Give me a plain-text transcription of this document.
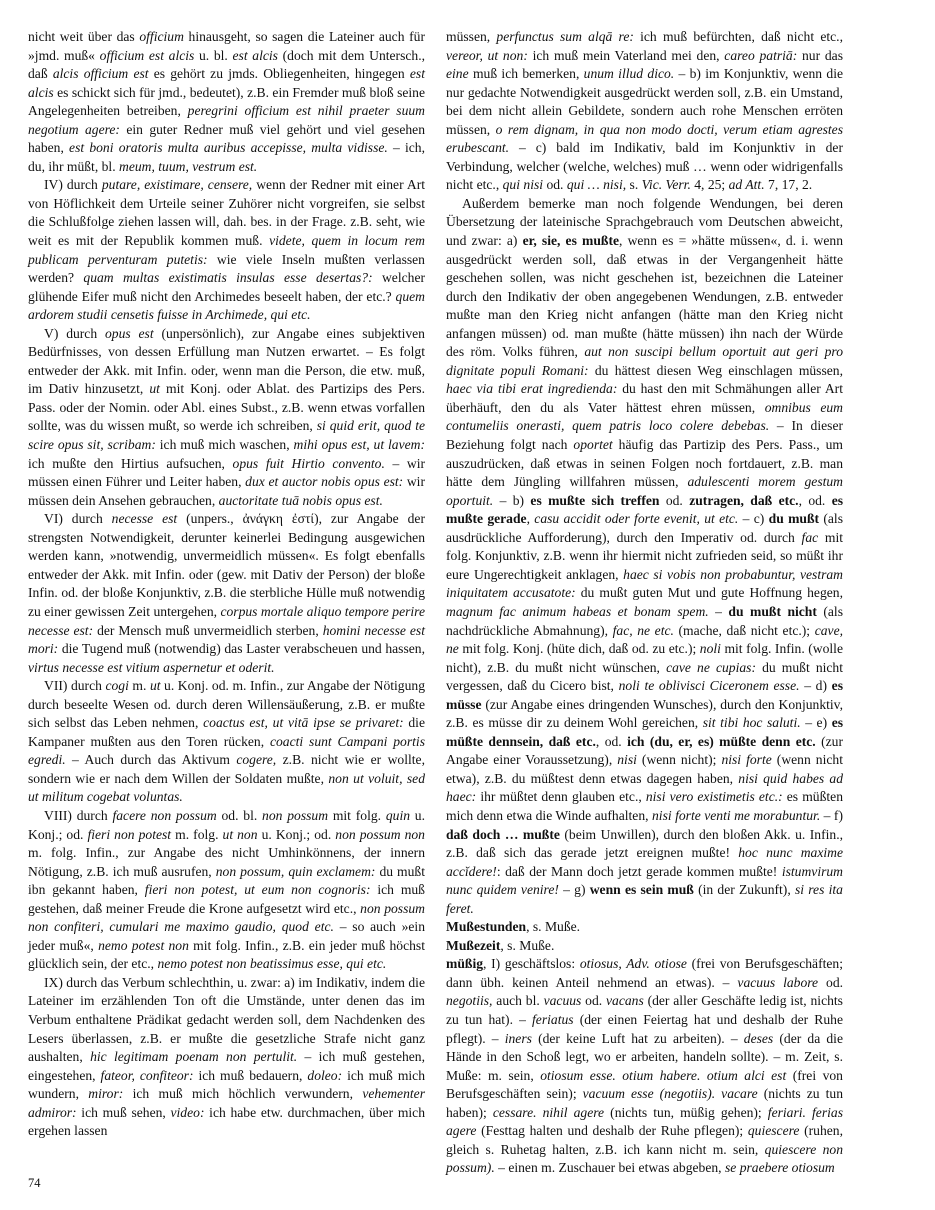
nicht weit über das officium hinausgeht, so sagen die Lateiner auch für »jmd. muß« officium est alcis u. bl. est alcis (doch mit dem Untersch., daß alcis officium est es gehört zu jmds. Obliegenheiten, hingegen est alcis es schickt sich für jmd., bedeutet), z.B. ein Fremder muß bloß seine Angelegenheiten betreiben, peregrini officium est nihil praeter suum negotium agere: ein guter Redner muß viel gehört und viel gesehen haben, est boni oratoris multa auribus accepisse, multa vidisse. – ich, du, ihr müßt, bl. meum, tuum, vestrum est.

IV) durch putare, existimare, censere, wenn der Redner mit einer Art von Höflichkeit dem Urteile seiner Zuhörer nicht vorgreifen, sie selbst die Schlußfolge ziehen lassen will, dah. bes. in der Frage. z.B. seht, wie weit es mit der Republik kommen muß. videte, quem in locum rem publicam perventuram putetis: wie viele Inseln mußten verlassen werden? quam multas existimatis insulas esse desertas?: welcher glühende Eifer muß nicht den Archimedes beseelt haben, der etc.? quem ardorem studii censetis fuisse in Archimede, qui etc.

V) durch opus est (unpersönlich), zur Angabe eines subjektiven Bedürfnisses, von dessen Erfüllung man Nutzen erwartet. – Es folgt entweder der Akk. mit Infin. oder, wenn man die Person, die etw. muß, im Dativ hinzusetzt, ut mit Konj. oder Ablat. des Partizips des Pers. Pass. oder der Nomin. oder Abl. eines Subst., z.B. wenn etwas vorfallen sollte, was du wissen mußt, so werde ich schreiben, si quid erit, quod te scire opus sit, scribam: ich muß mich waschen, mihi opus est, ut lavem: ich mußte den Hirtius aufsuchen, opus fuit Hirtio convento. – wir müssen einen Führer und Leiter haben, dux et auctor nobis opus est: wir müssen dein Ansehen gebrauchen, auctoritate tuā nobis opus est.

VI) durch necesse est (unpers., ἀνάγκη ἐστί), zur Angabe der strengsten Notwendigkeit, derunter keinerlei Bedingung ausgewichen werden kann, »notwendig, unvermeidlich müssen«. Es folgt ebenfalls entweder der Akk. mit Infin. oder (gew. mit Dativ der Person) der bloße Infin. od. der bloße Konjunktiv, z.B. die sterbliche Hülle muß notwendig zu einer gewissen Zeit untergehen, corpus mortale aliquo tempore perire necesse est: der Mensch muß unvermeidlich sterben, homini necesse est mori: die Tugend muß (notwendig) das Laster verabscheuen und hassen, virtus necesse est vitium aspernetur et oderit.

VII) durch cogi m. ut u. Konj. od. m. Infin., zur Angabe der Nötigung durch beseelte Wesen od. durch deren Willensäußerung, z.B. er mußte sich selbst das Leben nehmen, coactus est, ut vitā ipse se privaret: die Kampaner mußten aus den Toren rücken, coacti sunt Campani portis egredi. – Auch durch das Aktivum cogere, z.B. nicht wie er wollte, sondern wie er nach dem Willen der Soldaten mußte, non ut voluit, sed ut militum cogebat voluntas.

VIII) durch facere non possum od. bl. non possum mit folg. quin u. Konj.; od. fieri non potest m. folg. ut non u. Konj.; od. non possum non m. folg. Infin., zur Angabe des nicht Umhinkönnens, der innern Nötigung, z.B. ich muß ausrufen, non possum, quin exclamem: du mußt ibn gekannt haben, fieri non potest, ut eum non cognoris: ich muß gestehen, daß meiner Freude die Krone aufgesetzt wird etc., non possum non confiteri, cumulari me maximo gaudio, quod etc. – so auch »ein jeder muß«, nemo potest non mit folg. Infin., z.B. ein jeder muß höchst glücklich sein, der etc., nemo potest non beatissimus esse, qui etc.

IX) durch das Verbum schlechthin, u. zwar: a) im Indikativ, indem die Lateiner im erzählenden Ton oft die Umstände, unter denen das im Verbum enthaltene Prädikat gedacht werden soll, dem Nachdenken des Lesers überlassen, z.B. er mußte die gesetzliche Strafe nicht ganz aushalten, hic legitimam poenam non pertulit. – ich muß gestehen, eingestehen, fateor, confiteor: ich muß bedauern, doleo: ich muß mich wundern, miror: ich muß mich höchlich verwundern, vehementer admiror: ich muß sehen, video: ich habe etw. durchmachen, über mich ergehen lassen

müssen, perfunctus sum alqā re: ich muß befürchten, daß nicht etc., vereor, ut non: ich muß mein Vaterland mei den, careo patriā: nur das eine muß ich bemerken, unum illud dico. – b) im Konjunktiv, wenn die nur gedachte Notwendigkeit ausgedrückt werden soll, z.B. ein Umstand, bei dem nicht allein Gebildete, sondern auch rohe Menschen erröten müssen, o rem dignam, in qua non modo docti, verum etiam agrestes erubescant. – c) bald im Indikativ, bald im Konjunktiv in der Verbindung, welcher (welche, welches) muß … wenn oder widrigenfalls nicht etc., qui nisi od. qui … nisi, s. Vic. Verr. 4, 25; ad Att. 7, 17, 2.

Außerdem bemerke man noch folgende Wendungen, bei deren Übersetzung der lateinische Sprachgebrauch vom Deutschen abweicht, und zwar: a) er, sie, es mußte, wenn es = »hätte müssen«, d. i. wenn ausgedrückt werden soll, daß etwas in der Vergangenheit hätte geschehen sollen, was nicht geschehen ist, bezeichnen die Lateiner durch den Indikativ der oben angegebenen Wendungen, z.B. entweder mußte man den Krieg nicht anfangen (hätte man den Krieg nicht anfangen müssen) od. man mußte (hätte müssen) ihn nach der Würde des röm. Volks führen, aut non suscipi bellum oportuit aut geri pro dignitate populi Romani: du hättest diesen Weg einschlagen müssen, haec via tibi erat ingredienda: du hast den mit Schmähungen aller Art überhäuft, den du als Vater hättest ehren müssen, omnibus eum contumeliis onerasti, quem patris loco colere debebas. – In dieser Beziehung folgt nach oportet häufig das Partizip des Pers. Pass., um auszudrücken, daß etwas in seinen Folgen noch fortdauert, z.B. man hätte dem Jüngling willfahren müssen, adulescenti morem gestum oportuit. – b) es mußte sich treffen od. zutragen, daß etc., od. es mußte gerade, casu accidit oder forte evenit, ut etc. – c) du mußt (als ausdrückliche Aufforderung), durch den Imperativ od. durch fac mit folg. Konjunktiv, z.B. wenn ihr hiermit nicht zufrieden seid, so müßt ihr eure Ungerechtigkeit anklagen, haec si vobis non probabuntur, vestram iniquitatem accusatote: du mußt guten Mut und gute Hoffnung hegen, magnum fac animum habeas et bonam spem. – du mußt nicht (als nachdrückliche Abmahnung), fac, ne etc. (mache, daß nicht etc.); cave, ne mit folg. Konj. (hüte dich, daß od. zu etc.); noli mit folg. Infin. (wolle nicht), z.B. du mußt nicht wünschen, cave ne cupias: du mußt nicht vergessen, daß du Cicero bist, noli te oblivisci Ciceronem esse. – d) es müsse (zur Angabe eines dringenden Wunsches), durch den Konjunktiv, z.B. es müsse dir zu deinem Wohl gereichen, sit tibi hoc saluti. – e) es müßte dennsein, daß etc., od. ich (du, er, es) müßte denn etc. (zur Angabe einer Voraussetzung), nisi (wenn nicht); nisi forte (wenn nicht etwa), z.B. du müßtest denn etwas dagegen haben, nisi quid habes ad haec: ihr müßtet denn glauben etc., nisi vero existimetis etc.: es müßten mich denn etwa die Winde aufhalten, nisi forte venti me morabuntur. – f) daß doch … mußte (beim Unwillen), durch den bloßen Akk. u. Infin., z.B. daß sich das gerade jetzt ereignen mußte! hoc nunc maxime accĭdere!: daß der Mann doch jetzt gerade kommen mußte! istumvirum nunc quidem venire! – g) wenn es sein muß (in der Zukunft), si res ita feret.

Mußestunden, s. Muße.

Mußezeit, s. Muße.

müßig, I) geschäftslos: otiosus, Adv. otiose (frei von Berufsgeschäften; dann übh. keinen Anteil nehmend an etwas). – vacuus labore od. negotiis, auch bl. vacuus od. vacans (der aller Geschäfte ledig ist, nichts zu tun hat). – feriatus (der einen Feiertag hat und deshalb der Ruhe pflegt). – iners (der keine Luft hat zu arbeiten). – deses (der da die Hände in den Schoß legt, wo er arbeiten, handeln sollte). – m. Zeit, s. Muße: m. sein, otiosum esse. otium habere. otium alci est (frei von Berufsgeschäften sein); vacuum esse (negotiis). vacare (nichts zu tun haben); cessare. nihil agere (nichts tun, müßig gehen); feriari. ferias agere (Festtag halten und deshalb der Ruhe pflegen); quiescere (ruhen, gleich s. Ruhetag halten, z.B. ich kann nicht m. sein, quiescere non possum). – einen m. Zuschauer bei etwas abgeben, se praebere otiosum

74
